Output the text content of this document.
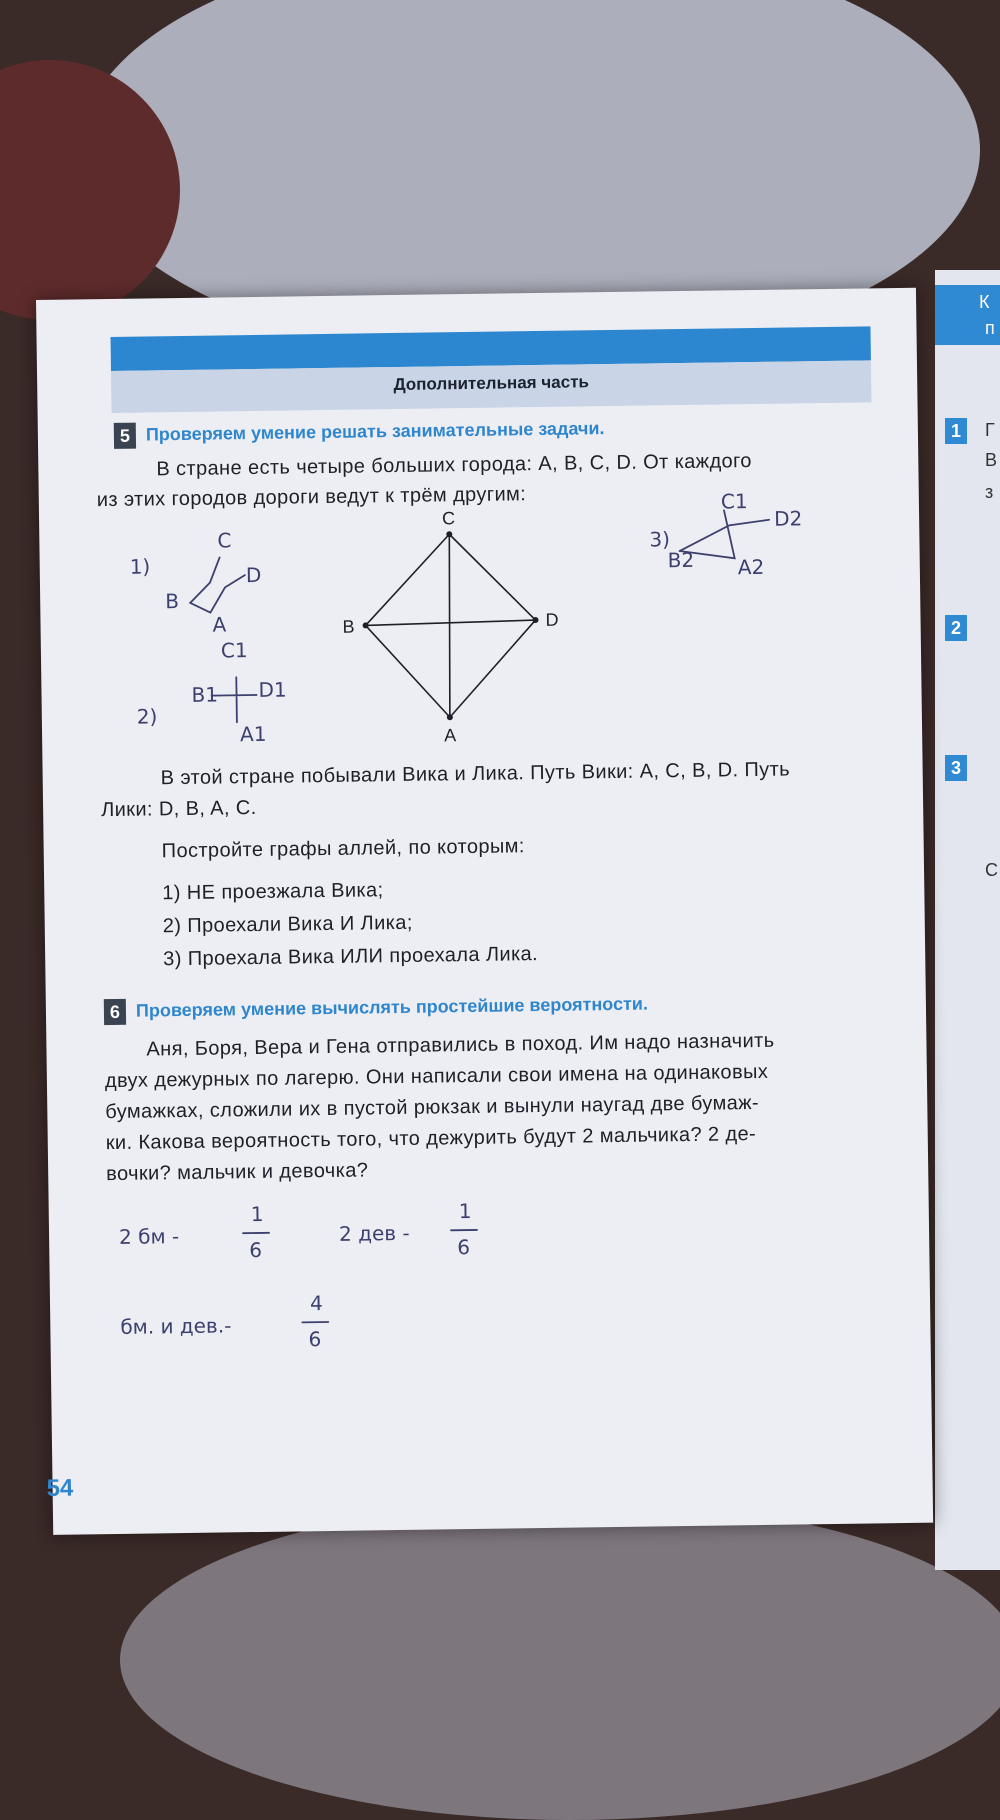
К
п
1	Г
В
з
2
3
С
Дополнительная часть
5 Проверяем умение решать занимательные задачи.
В стране есть четыре больших города: A, B, C, D. От каждого
из этих городов дороги ведут к трём другим:
C
B	D
A
1)
C
B
D
A
2)
C1
B1 D1
A1
3)
C1
D2
B2 A2
В этой стране побывали Вика и Лика. Путь Вики: A, C, B, D. Путь
Лики: D, B, A, C.
Постройте графы аллей, по которым:
1) НЕ проезжала Вика;
2) Проехали Вика И Лика;
3) Проехала Вика ИЛИ проехала Лика.
6 Проверяем умение вычислять простейшие вероятности.
Аня, Боря, Вера и Гена отправились в поход. Им надо назначить
двух дежурных по лагерю. Они написали свои имена на одинаковых
бумажках, сложили их в пустой рюкзак и вынули наугад две бумаж-
ки. Какова вероятность того, что дежурить будут 2 мальчика? 2 де-
вочки? мальчик и девочка?
2 бм -
1
6
2 дев -
1
6
бм. и дев.-
4
6
54
